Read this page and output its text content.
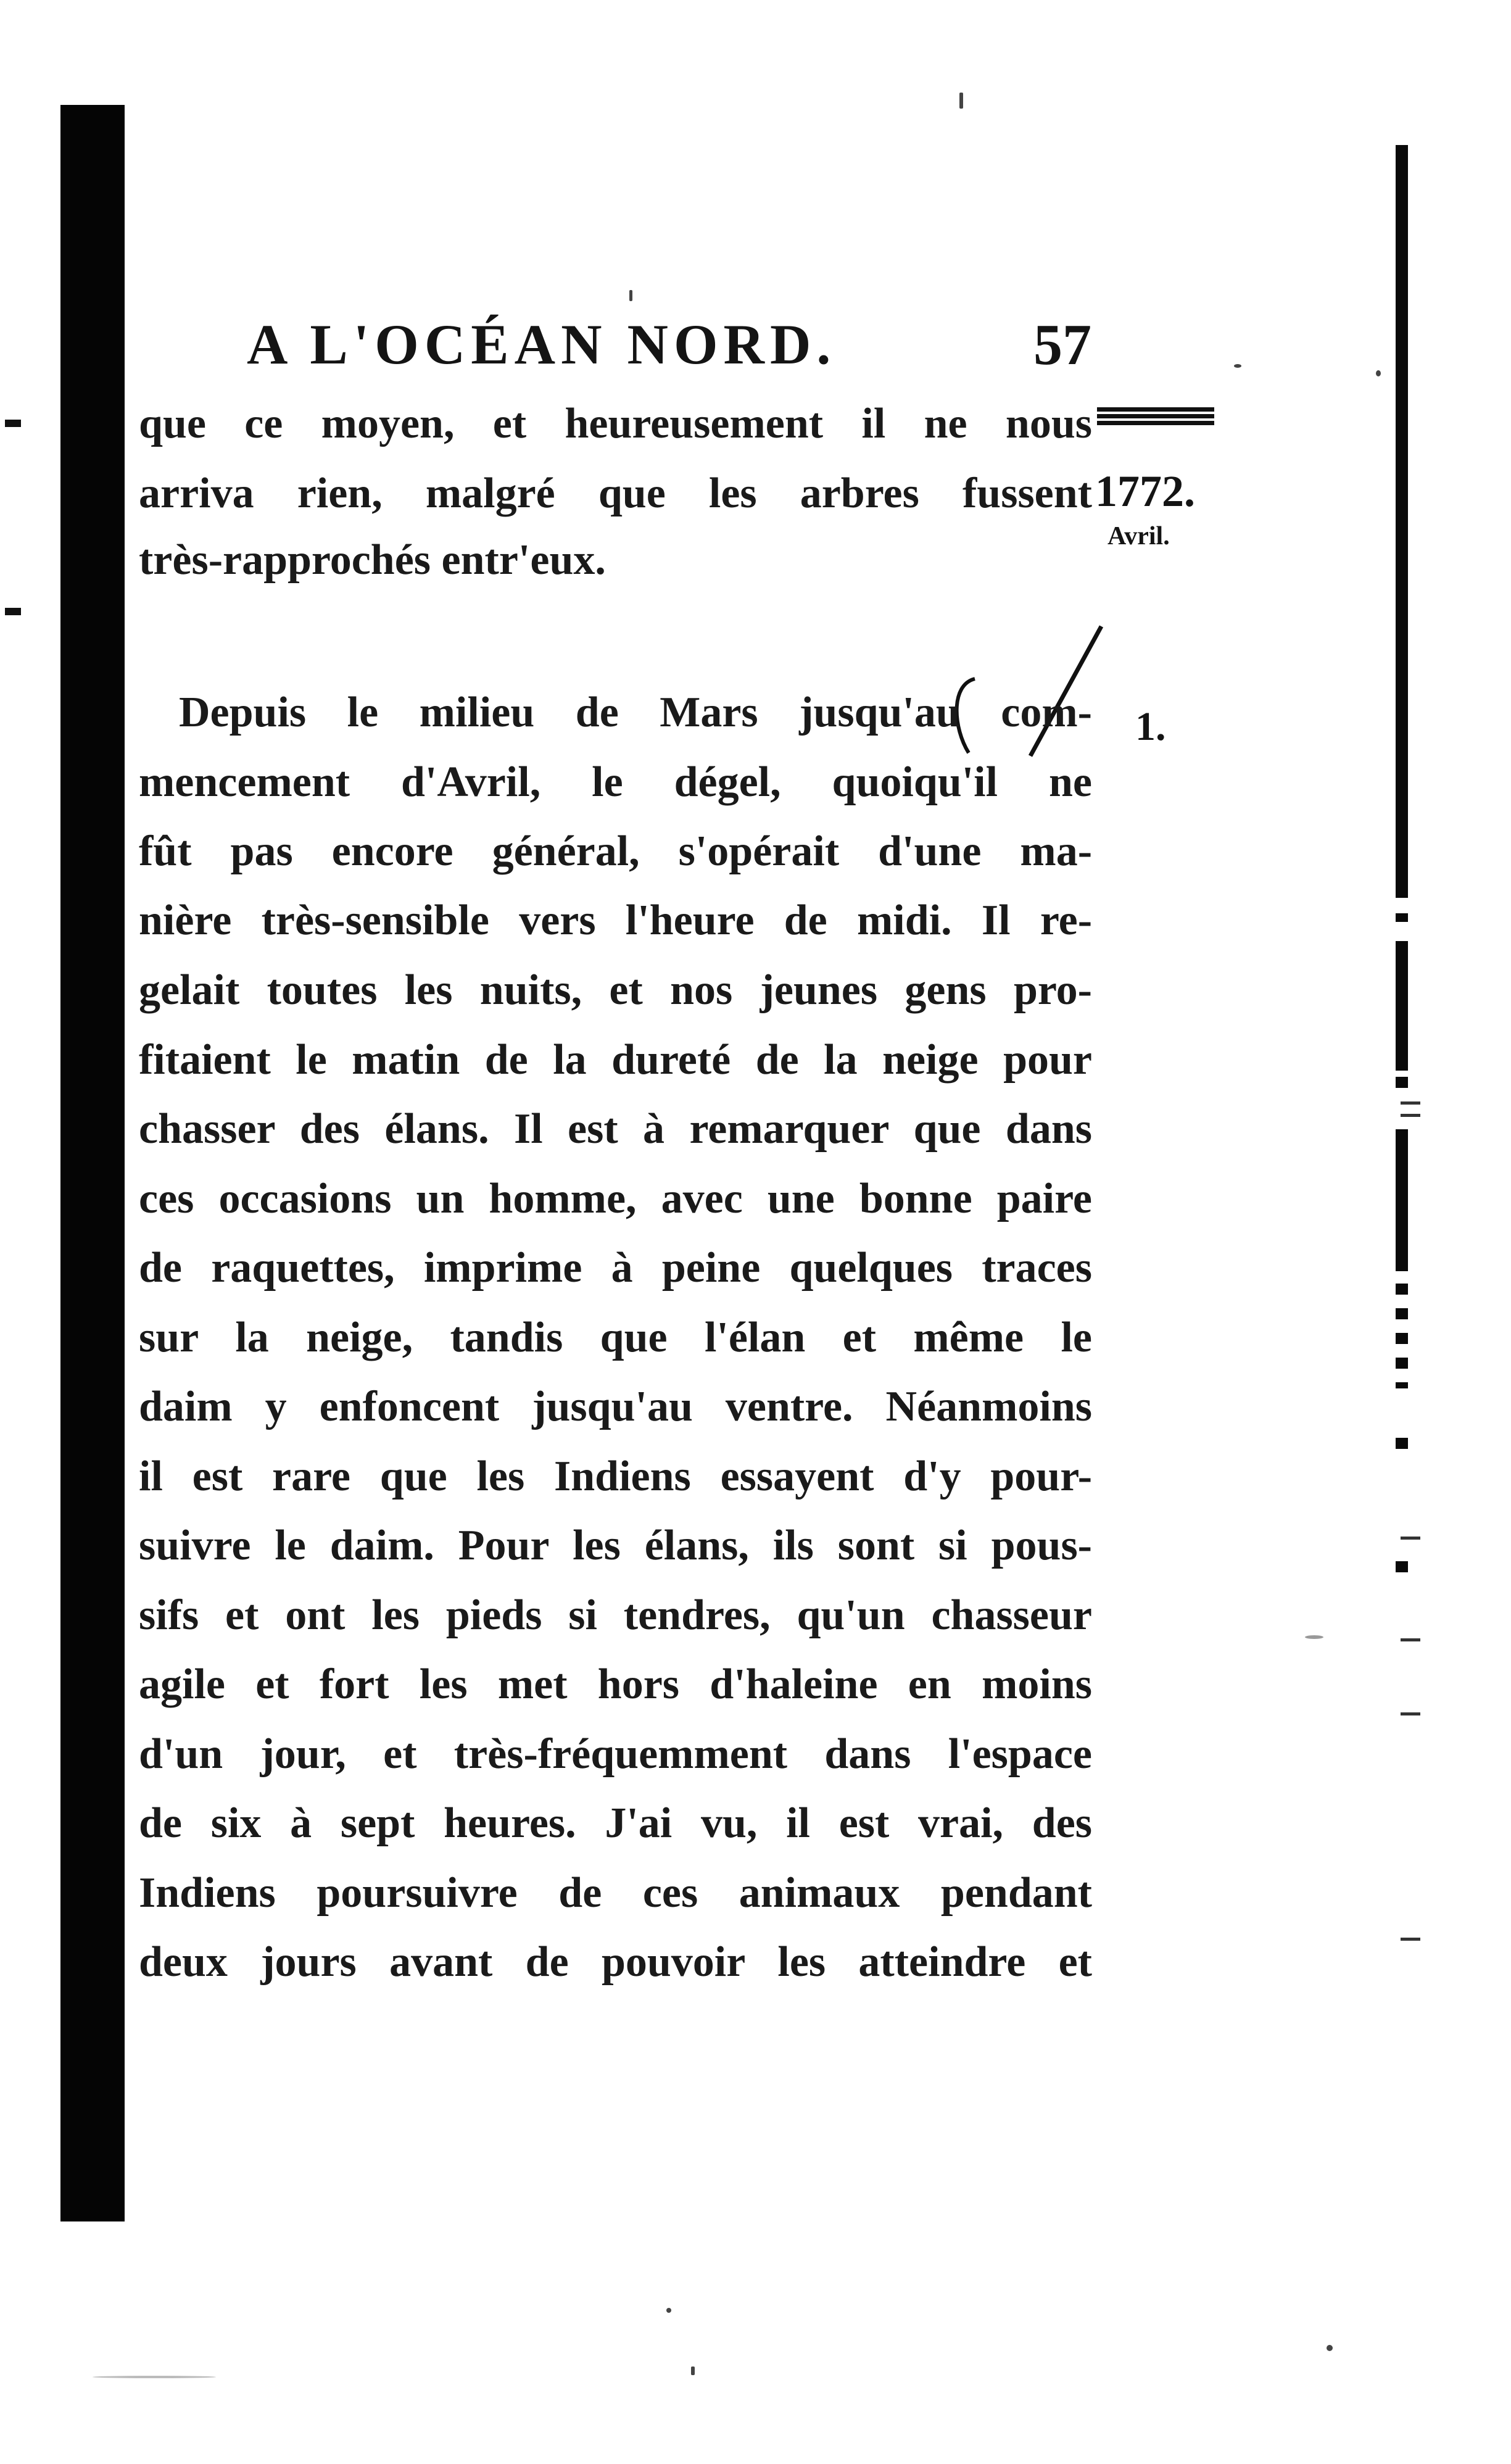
A L'OCÉAN NORD.	57
1772.
Avril.
1.
que ce moyen, et heureusement il ne nous
arriva rien, malgré que les arbres fussent
très-rapprochés entr'eux.
Depuis le milieu de Mars jusqu'au com-
mencement d'Avril, le dégel, quoiqu'il ne
fût pas encore général, s'opérait d'une ma-
nière très-sensible vers l'heure de midi. Il re-
gelait toutes les nuits, et nos jeunes gens pro-
fitaient le matin de la dureté de la neige pour
chasser des élans. Il est à remarquer que dans
ces occasions un homme, avec une bonne paire
de raquettes, imprime à peine quelques traces
sur la neige, tandis que l'élan et même le
daim y enfoncent jusqu'au ventre. Néanmoins
il est rare que les Indiens essayent d'y pour-
suivre le daim. Pour les élans, ils sont si pous-
sifs et ont les pieds si tendres, qu'un chasseur
agile et fort les met hors d'haleine en moins
d'un jour, et très-fréquemment dans l'espace
de six à sept heures. J'ai vu, il est vrai, des
Indiens poursuivre de ces animaux pendant
deux jours avant de pouvoir les atteindre et
